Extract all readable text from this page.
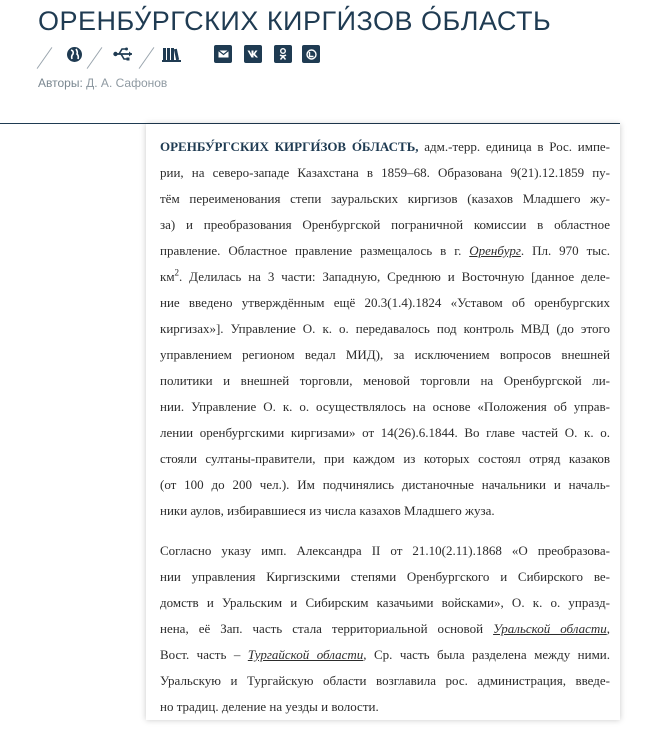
ОРЕНБУ́РГСКИХ КИРГИ́ЗОВ О́БЛАСТЬ
Авторы: Д. А. Сафонов

ОРЕНБУ́РГСКИХ КИРГИ́ЗОВ О́БЛАСТЬ, адм.-терр. единица в Рос. импе-
рии, на северо-западе Казахстана в 1859–68. Образована 9(21).12.1859 пу-
тём переименования степи зауральских киргизов (казахов Младшего жу-
за) и преобразования Оренбургской пограничной комиссии в областное
правление. Областное правление размещалось в г. Оренбург. Пл. 970 тыс.
$км^2$. Делилась на 3 части: Западную, Среднюю и Восточную [данное деле-
ние введено утверждённым ещё 20.3(1.4).1824 «Уставом об оренбургских
киргизах»]. Управление О. к. о. передавалось под контроль МВД (до этого
управлением регионом ведал МИД), за исключением вопросов внешней
политики и внешней торговли, меновой торговли на Оренбургской ли-
нии. Управление О. к. о. осуществлялось на основе «Положения об управ-
лении оренбургскими киргизами» от 14(26).6.1844. Во главе частей О. к. о.
стояли султаны-правители, при каждом из которых состоял отряд казаков
(от 100 до 200 чел.). Им подчинялись дистаночные начальники и началь-
ники аулов, избиравшиеся из числа казахов Младшего жуза.

Согласно указу имп. Александра II от 21.10(2.11).1868 «О преобразова-
нии управления Киргизскими степями Оренбургского и Сибирского ве-
домств и Уральским и Сибирским казачьими войсками», О. к. о. упразд-
нена, её Зап. часть стала территориальной основой Уральской области,
Вост. часть – Тургайской области, Ср. часть была разделена между ними.
Уральскую и Тургайскую области возглавила рос. администрация, введе-
но традиц. деление на уезды и волости.
